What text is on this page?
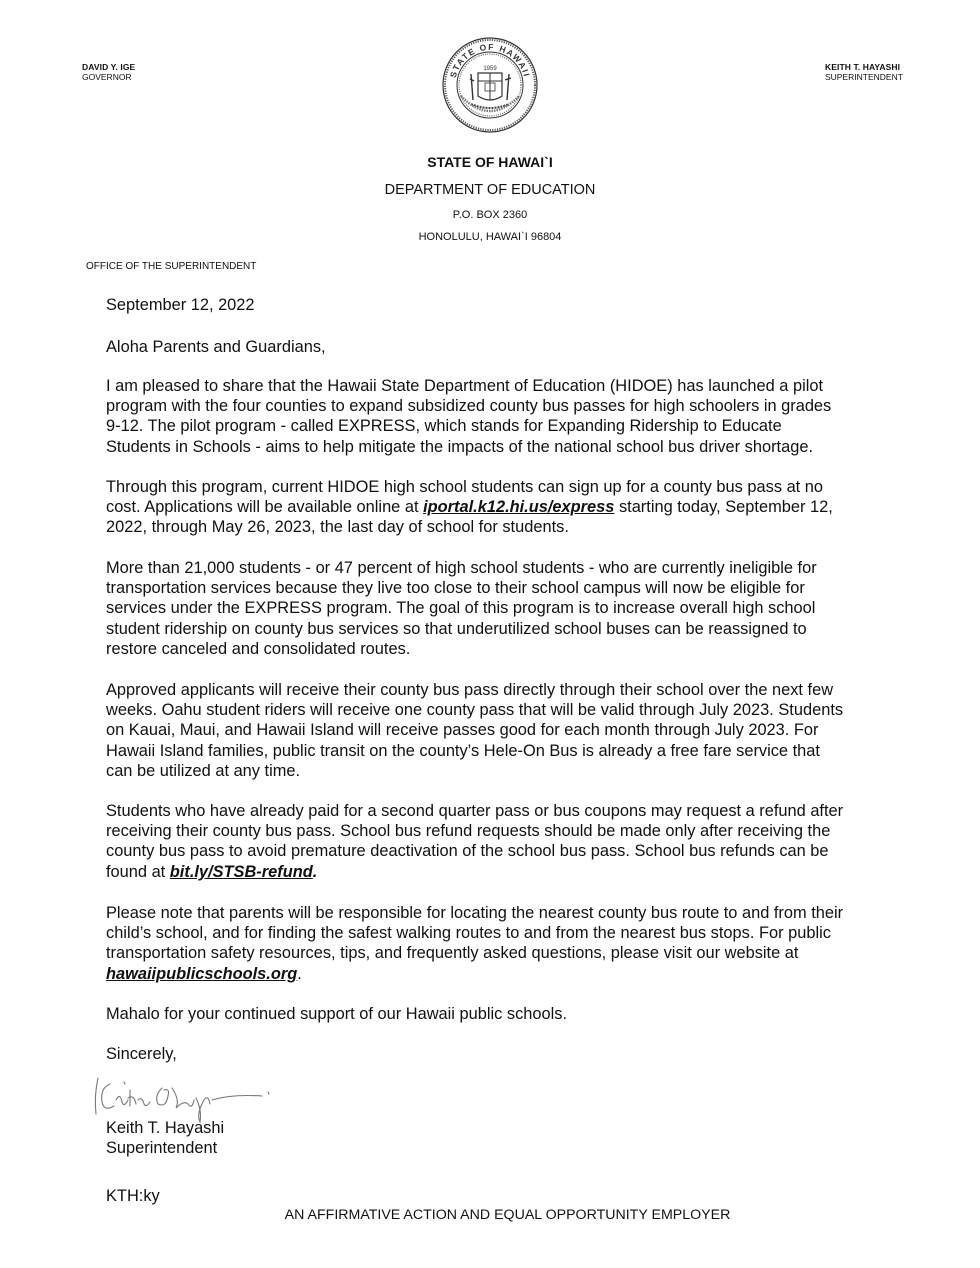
DAVID Y. IGE
GOVERNOR	STATE OF HAWAII
1959	KEITH T. HAYASHI
SUPERINTENDENT
STATE OF HAWAI`I
DEPARTMENT OF EDUCATION
P.O. BOX 2360
HONOLULU, HAWAI`I 96804
OFFICE OF THE SUPERINTENDENT
September 12, 2022
Aloha Parents and Guardians,
I am pleased to share that the Hawaii State Department of Education (HIDOE) has launched a pilot
program with the four counties to expand subsidized county bus passes for high schoolers in grades
9-12. The pilot program - called EXPRESS, which stands for Expanding Ridership to Educate
Students in Schools - aims to help mitigate the impacts of the national school bus driver shortage.
Through this program, current HIDOE high school students can sign up for a county bus pass at no
cost. Applications will be available online at iportal.k12.hi.us/express starting today, September 12,
2022, through May 26, 2023, the last day of school for students.
More than 21,000 students - or 47 percent of high school students - who are currently ineligible for
transportation services because they live too close to their school campus will now be eligible for
services under the EXPRESS program. The goal of this program is to increase overall high school
student ridership on county bus services so that underutilized school buses can be reassigned to
restore canceled and consolidated routes.
Approved applicants will receive their county bus pass directly through their school over the next few
weeks. Oahu student riders will receive one county pass that will be valid through July 2023. Students
on Kauai, Maui, and Hawaii Island will receive passes good for each month through July 2023. For
Hawaii Island families, public transit on the county’s Hele-On Bus is already a free fare service that
can be utilized at any time.
Students who have already paid for a second quarter pass or bus coupons may request a refund after
receiving their county bus pass. School bus refund requests should be made only after receiving the
county bus pass to avoid premature deactivation of the school bus pass. School bus refunds can be
found at bit.ly/STSB-refund.
Please note that parents will be responsible for locating the nearest county bus route to and from their
child’s school, and for finding the safest walking routes to and from the nearest bus stops. For public
transportation safety resources, tips, and frequently asked questions, please visit our website at
hawaiipublicschools.org.
Mahalo for your continued support of our Hawaii public schools.
Sincerely,
Keith T. Hayashi
Superintendent
KTH:ky
AN AFFIRMATIVE ACTION AND EQUAL OPPORTUNITY EMPLOYER
